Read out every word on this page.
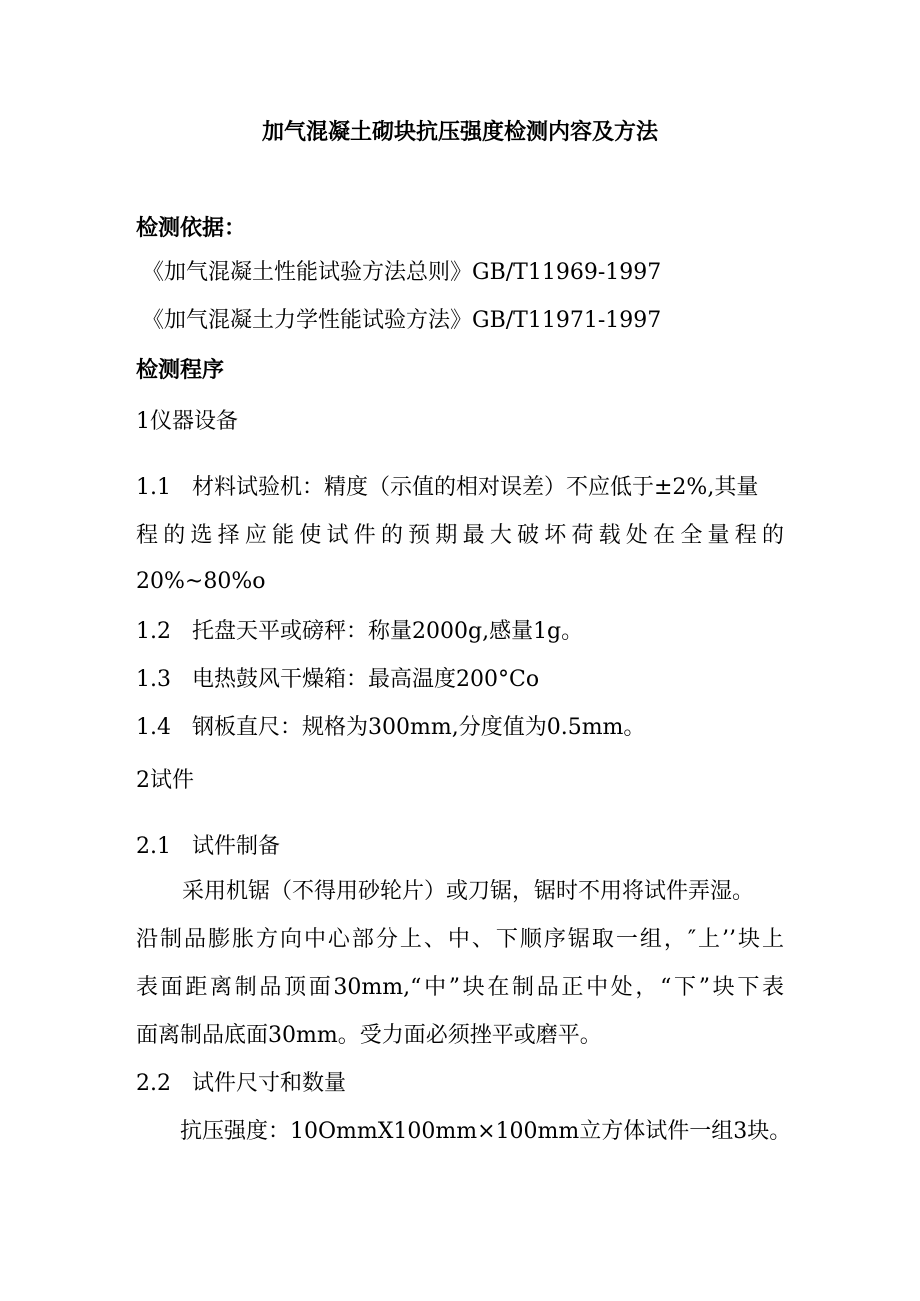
加气混凝土砌块抗压强度检测内容及方法
检测依据：
《加气混凝土性能试验方法总则》GB/T11969-1997
《加气混凝土力学性能试验方法》GB/T11971-1997
检测程序
1仪器设备
1.1 材料试验机：精度（示值的相对误差）不应低于±2%,其量
程的选择应能使试件的预期最大破坏荷载处在全量程的
20%~80%o
1.2 托盘天平或磅秤：称量2000g,感量1g。
1.3 电热鼓风干燥箱：最高温度200°Co
1.4 钢板直尺：规格为300mm,分度值为0.5mm。
2试件
2.1 试件制备
采用机锯（不得用砂轮片）或刀锯，锯时不用将试件弄湿。
沿制品膨胀方向中心部分上、中、下顺序锯取一组，″上’’块上
表面距离制品顶面30mm,“中”块在制品正中处，“下”块下表
面离制品底面30mm。受力面必须挫平或磨平。
2.2 试件尺寸和数量
抗压强度：10OmmX100mm×100mm立方体试件一组3块。
